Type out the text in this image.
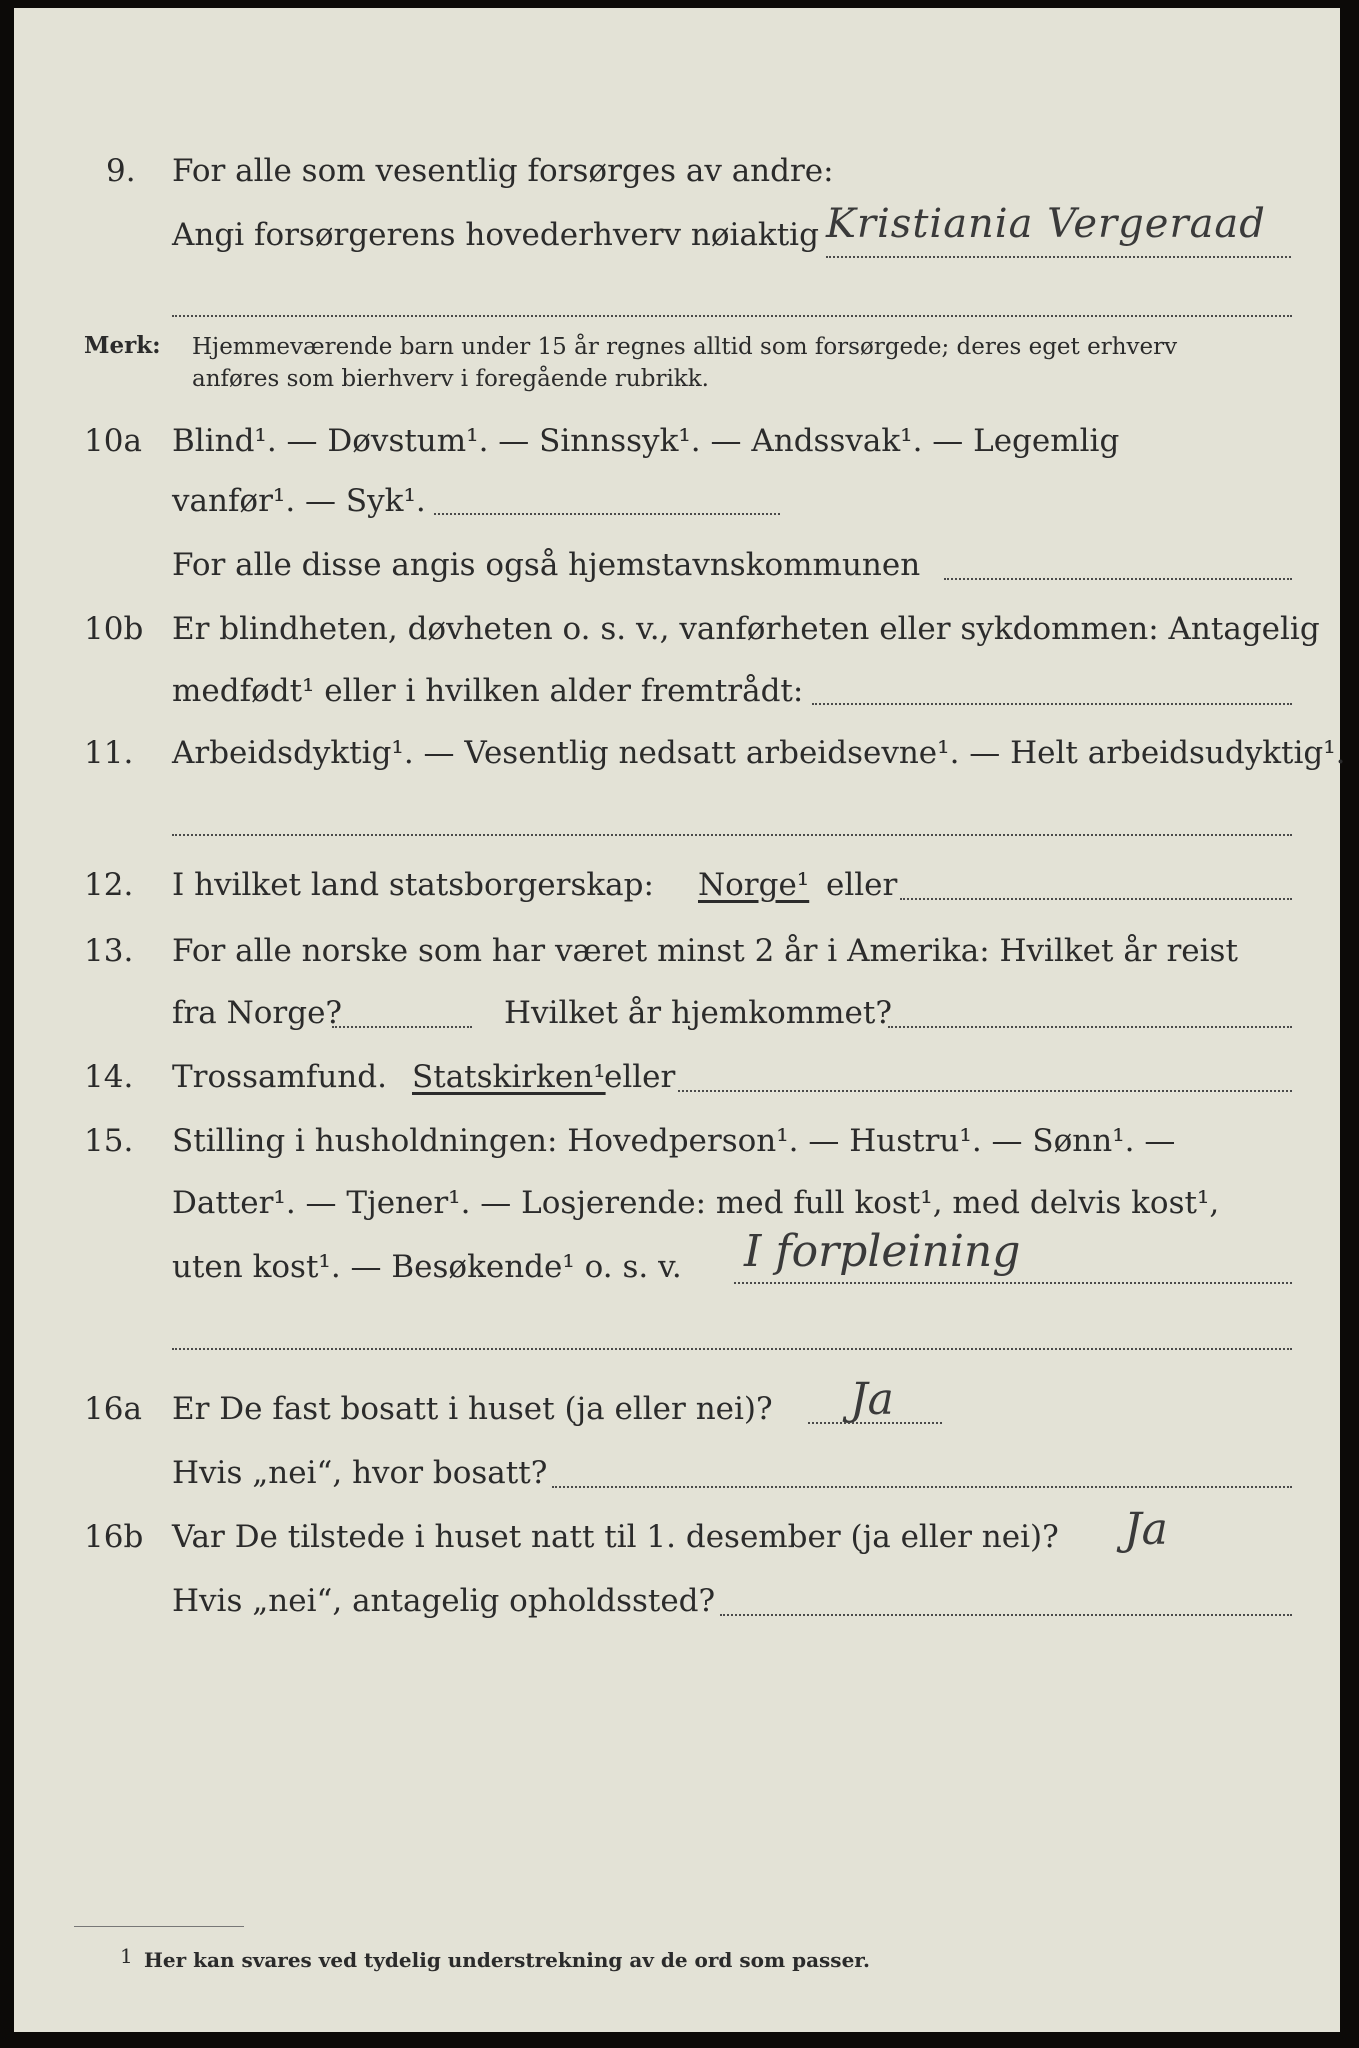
9. For alle som vesentlig forsørges av andre:
Angi forsørgerens hovederhverv nøiaktig Kristiania Vergeraad
Merk: Hjemmeværende barn under 15 år regnes alltid som forsørgede; deres eget erhverv
anføres som bierhverv i foregående rubrikk.
10a Blind¹. — Døvstum¹. — Sinnssyk¹. — Andssvak¹. — Legemlig
vanfør¹. — Syk¹.
For alle disse angis også hjemstavnskommunen
10b Er blindheten, døvheten o. s. v., vanførheten eller sykdommen: Antagelig
medfødt¹ eller i hvilken alder fremtrådt:
11. Arbeidsdyktig¹. — Vesentlig nedsatt arbeidsevne¹. — Helt arbeidsudyktig¹.
12. I hvilket land statsborgerskap: Norge¹ eller
13. For alle norske som har været minst 2 år i Amerika: Hvilket år reist
fra Norge?	Hvilket år hjemkommet?
14. Trossamfund. Statskirken¹
eller
15. Stilling i husholdningen: Hovedperson¹. — Hustru¹. — Sønn¹. —
Datter¹. — Tjener¹. — Losjerende: med full kost¹, med delvis kost¹,
uten kost¹. — Besøkende¹ o. s. v. I forpleining
16a Er De fast bosatt i huset (ja eller nei)? Ja
Hvis „nei“, hvor bosatt?
16b Var De tilstede i huset natt til 1. desember (ja eller nei)? Ja
Hvis „nei“, antagelig opholdssted?
1 Her kan svares ved tydelig understrekning av de ord som passer.
